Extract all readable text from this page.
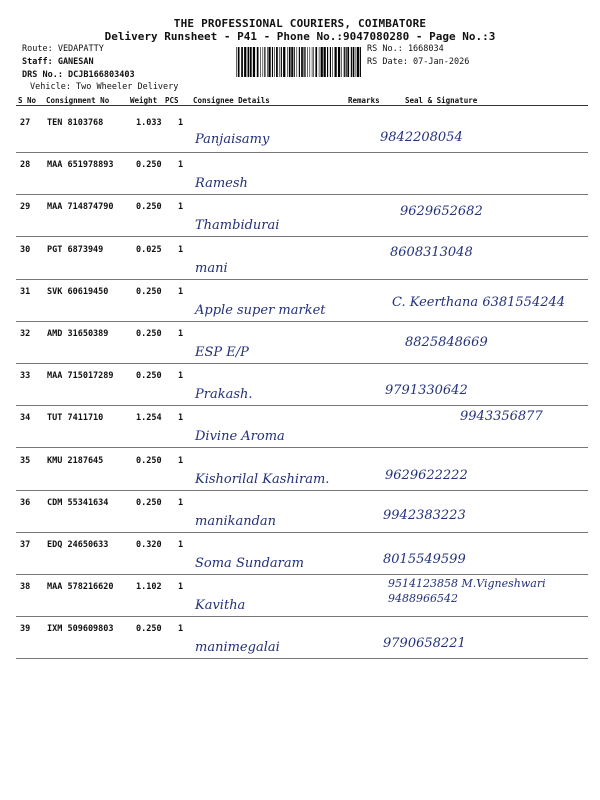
THE PROFESSIONAL COURIERS, COIMBATORE
Delivery Runsheet - P41 - Phone No.:9047080280 - Page No.:3
Route: VEDAPATTY
Staff: GANESAN
DRS No.: DCJB166803403
Vehicle: Two Wheeler Delivery
RS No.: 1668034
RS Date: 07-Jan-2026
S No Consignment No	Weight PCS Consignee Details	Remarks	Seal & Signature
27 TEN 8103768	1.033 1
Panjaisamy	9842208054
28 MAA 651978893	0.250 1
Ramesh
29 MAA 714874790	0.250 1
Thambidurai
9629652682
30 PGT 6873949	0.025 1
mani
8608313048
31 SVK 60619450	0.250 1
Apple super market
C. Keerthana 6381554244
32 AMD 31650389	0.250 1
ESP E/P
8825848669
33 MAA 715017289	0.250 1
Prakash.	9791330642
34 TUT 7411710	1.254 1
Divine Aroma
9943356877
35 KMU 2187645	0.250 1
Kishorilal Kashiram.	9629622222
36 CDM 55341634	0.250 1
manikandan	9942383223
37 EDQ 24650633	0.320 1
Soma Sundaram	8015549599
38 MAA 578216620	1.102 1
Kavitha
9514123858 M.Vigneshwari 9488966542
39 IXM 509609803	0.250 1
manimegalai	9790658221
